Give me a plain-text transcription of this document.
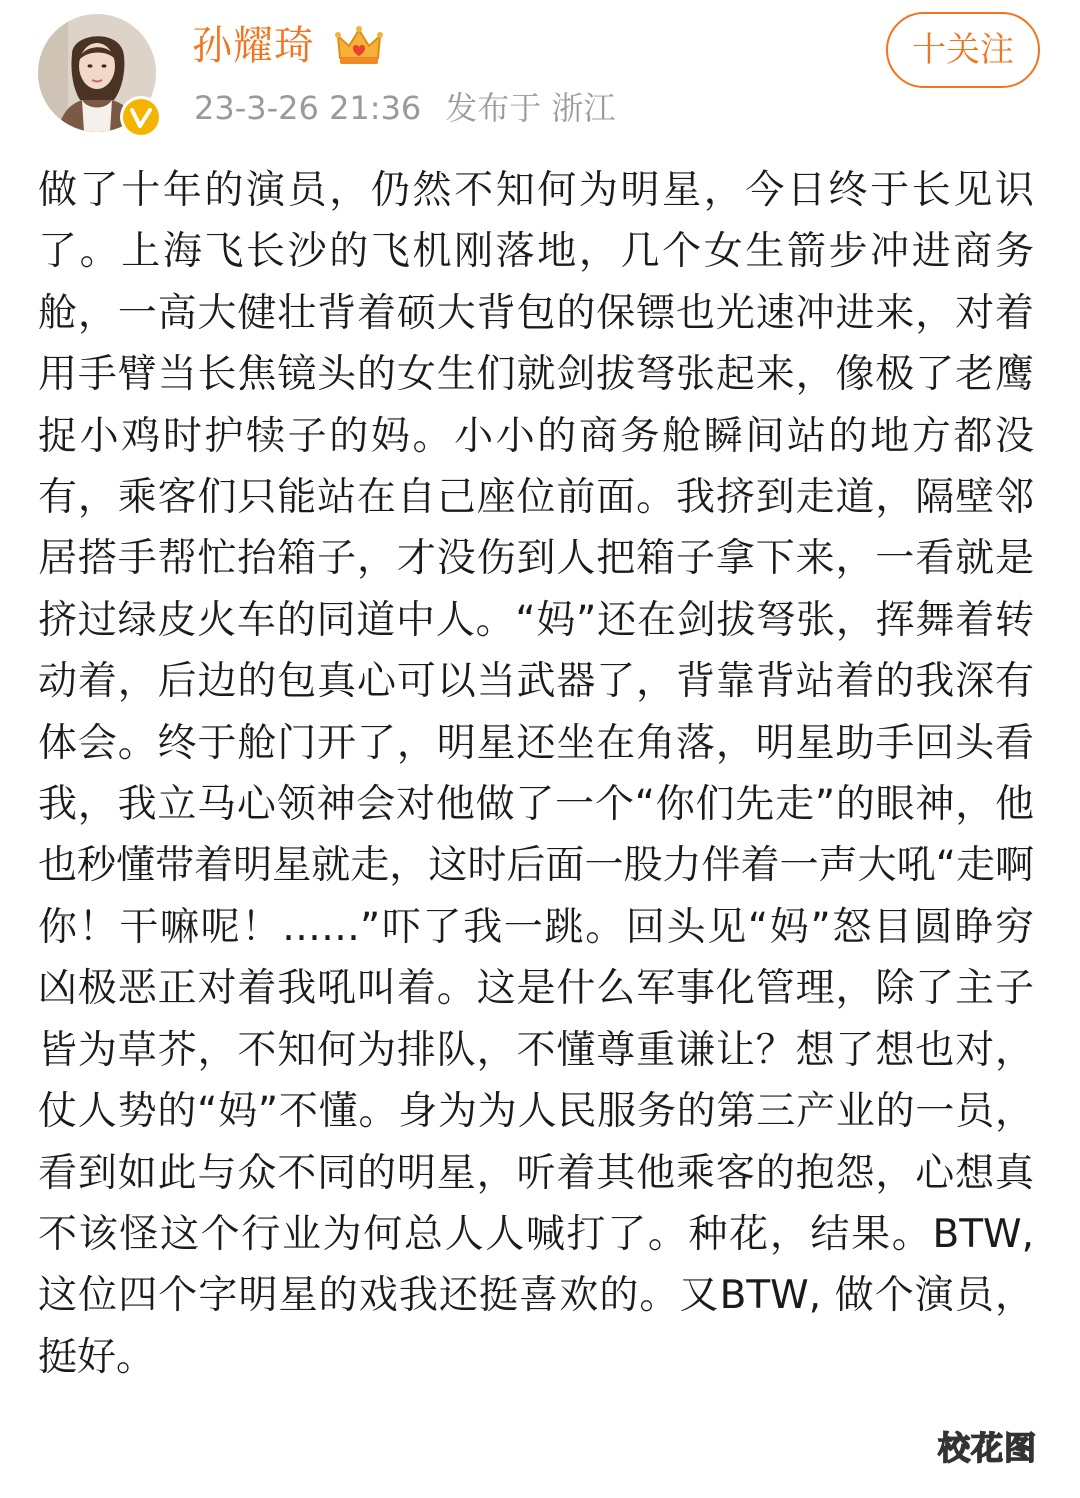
孙耀琦
23-3-26 21:36 发布于 浙江
十关注
做了十年的演员，仍然不知何为明星，今日终于长见识了。上海飞长沙的飞机刚落地，几个女生箭步冲进商务舱，一高大健壮背着硕大背包的保镖也光速冲进来，对着用手臂当长焦镜头的女生们就剑拔弩张起来，像极了老鹰捉小鸡时护犊子的妈。小小的商务舱瞬间站的地方都没有，乘客们只能站在自己座位前面。我挤到走道，隔壁邻居搭手帮忙抬箱子，才没伤到人把箱子拿下来，一看就是挤过绿皮火车的同道中人。“妈”还在剑拔弩张，挥舞着转动着，后边的包真心可以当武器了，背靠背站着的我深有体会。终于舱门开了，明星还坐在角落，明星助手回头看我，我立马心领神会对他做了一个“你们先走”的眼神，他也秒懂带着明星就走，这时后面一股力伴着一声大吼“走啊你！干嘛呢！……”吓了我一跳。回头见“妈”怒目圆睁穷凶极恶正对着我吼叫着。这是什么军事化管理，除了主子皆为草芥，不知何为排队，不懂尊重谦让？想了想也对，仗人势的“妈”不懂。身为为人民服务的第三产业的一员，看到如此与众不同的明星，听着其他乘客的抱怨，心想真不该怪这个行业为何总人人喊打了。种花，结果。BTW, 这位四个字明星的戏我还挺喜欢的。又BTW, 做个演员，挺好。
校花图
